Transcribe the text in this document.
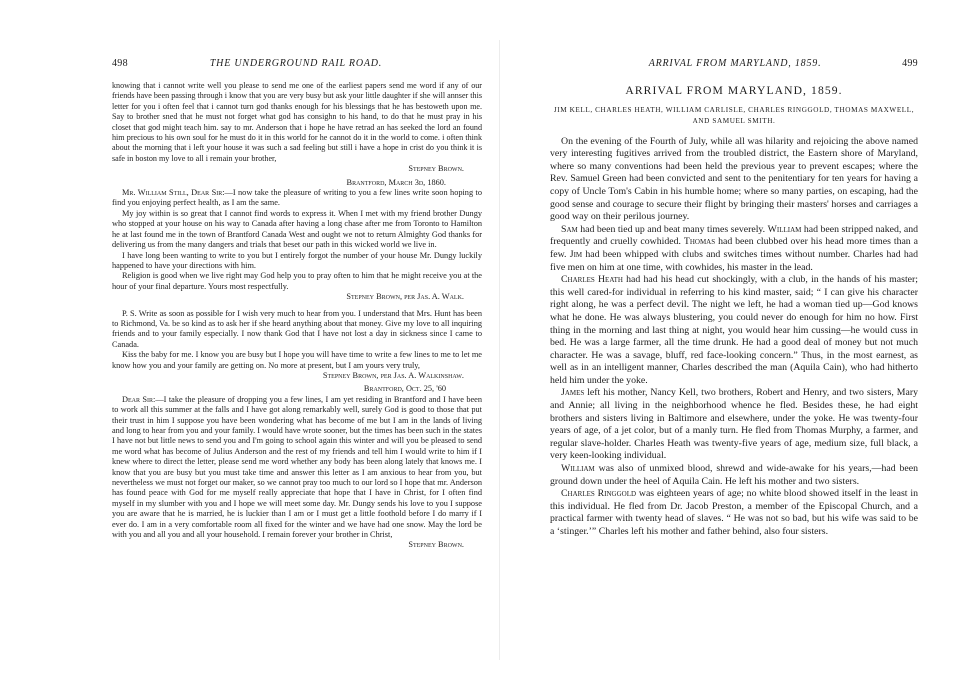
498	THE UNDERGROUND RAIL ROAD.

knowing that i cannot write well you please to send me one of the earliest papers send me word if any of our friends have been passing through i know that you are very busy but ask your little daughter if she will annser this letter for you i often feel that i cannot turn god thanks enough for his blessings that he has bestoweth upon me. Say to brother sned that he must not forget what god has consighn to his hand, to do that he must pray in his closet that god might teach him. say to mr. Anderson that i hope he have retrad an has seeked the lord an found him precious to his own soul for he must do it in this world for he cannot do it in the world to come. i often think about the morning that i left your house it was such a sad feeling but still i have a hope in crist do you think it is safe in boston my love to all i remain your brother,

Stepney Brown.

Brantford, March 3d, 1860.

Mr. William Still, Dear Sir:—I now take the pleasure of writing to you a few lines write soon hoping to find you enjoying perfect health, as I am the same.

My joy within is so great that I cannot find words to express it. When I met with my friend brother Dungy who stopped at your house on his way to Canada after having a long chase after me from Toronto to Hamilton he at last found me in the town of Brantford Canada West and ought we not to return Almighty God thanks for delivering us from the many dangers and trials that beset our path in this wicked world we live in.

I have long been wanting to write to you but I entirely forgot the number of your house Mr. Dungy luckily happened to have your directions with him.

Religion is good when we live right may God help you to pray often to him that he might receive you at the hour of your final departure. Yours most respectfully.

Stepney Brown, per Jas. A. Walk.

P. S. Write as soon as possible for I wish very much to hear from you. I understand that Mrs. Hunt has been to Richmond, Va. be so kind as to ask her if she heard anything about that money. Give my love to all inquiring friends and to your family especially. I now thank God that I have not lost a day in sickness since I came to Canada.

Kiss the baby for me. I know you are busy but I hope you will have time to write a few lines to me to let me know how you and your family are getting on. No more at present, but I am yours very truly,

Stepney Brown, per Jas. A. Walkinshaw.

Brantford, Oct. 25, '60

Dear Sir:—I take the pleasure of dropping you a few lines, I am yet residing in Brantford and I have been to work all this summer at the falls and I have got along remarkably well, surely God is good to those that put their trust in him I suppose you have been wondering what has become of me but I am in the lands of living and long to hear from you and your family. I would have wrote sooner, but the times has been such in the states I have not but little news to send you and I'm going to school again this winter and will you be pleased to send me word what has become of Julius Anderson and the rest of my friends and tell him I would write to him if I knew where to direct the letter, please send me word whether any body has been along lately that knows me. I know that you are busy but you must take time and answer this letter as I am anxious to hear from you, but nevertheless we must not forget our maker, so we cannot pray too much to our lord so I hope that mr. Anderson has found peace with God for me myself really appreciate that hope that I have in Christ, for I often find myself in my slumber with you and I hope we will meet some day. Mr. Dungy sends his love to you I suppose you are aware that he is married, he is luckier than I am or I must get a little foothold before I do marry if I ever do. I am in a very comfortable room all fixed for the winter and we have had one snow. May the lord be with you and all you and all your household. I remain forever your brother in Christ,

Stepney Brown.

ARRIVAL FROM MARYLAND, 1859.	499
ARRIVAL FROM MARYLAND, 1859.

JIM KELL, CHARLES HEATH, WILLIAM CARLISLE, CHARLES RINGGOLD, THOMAS MAXWELL, AND SAMUEL SMITH.

On the evening of the Fourth of July, while all was hilarity and rejoicing the above named very interesting fugitives arrived from the troubled district, the Eastern shore of Maryland, where so many conventions had been held the previous year to prevent escapes; where the Rev. Samuel Green had been convicted and sent to the penitentiary for ten years for having a copy of Uncle Tom's Cabin in his humble home; where so many parties, on escaping, had the good sense and courage to secure their flight by bringing their masters' horses and carriages a good way on their perilous journey.

Sam had been tied up and beat many times severely. William had been stripped naked, and frequently and cruelly cowhided. Thomas had been clubbed over his head more times than a few. Jim had been whipped with clubs and switches times without number. Charles had had five men on him at one time, with cowhides, his master in the lead.

Charles Heath had had his head cut shockingly, with a club, in the hands of his master; this well cared-for individual in referring to his kind master, said; “ I can give his character right along, he was a perfect devil. The night we left, he had a woman tied up—God knows what he done. He was always blustering, you could never do enough for him no how. First thing in the morning and last thing at night, you would hear him cussing—he would cuss in bed. He was a large farmer, all the time drunk. He had a good deal of money but not much character. He was a savage, bluff, red face-looking concern.” Thus, in the most earnest, as well as in an intelligent manner, Charles described the man (Aquila Cain), who had hitherto held him under the yoke.

James left his mother, Nancy Kell, two brothers, Robert and Henry, and two sisters, Mary and Annie; all living in the neighborhood whence he fled. Besides these, he had eight brothers and sisters living in Baltimore and elsewhere, under the yoke. He was twenty-four years of age, of a jet color, but of a manly turn. He fled from Thomas Murphy, a farmer, and regular slave-holder. Charles Heath was twenty-five years of age, medium size, full black, a very keen-looking individual.

William was also of unmixed blood, shrewd and wide-awake for his years,—had been ground down under the heel of Aquila Cain. He left his mother and two sisters.

Charles Ringgold was eighteen years of age; no white blood showed itself in the least in this individual. He fled from Dr. Jacob Preston, a member of the Episcopal Church, and a practical farmer with twenty head of slaves. “ He was not so bad, but his wife was said to be a ‘stinger.’” Charles left his mother and father behind, also four sisters.
